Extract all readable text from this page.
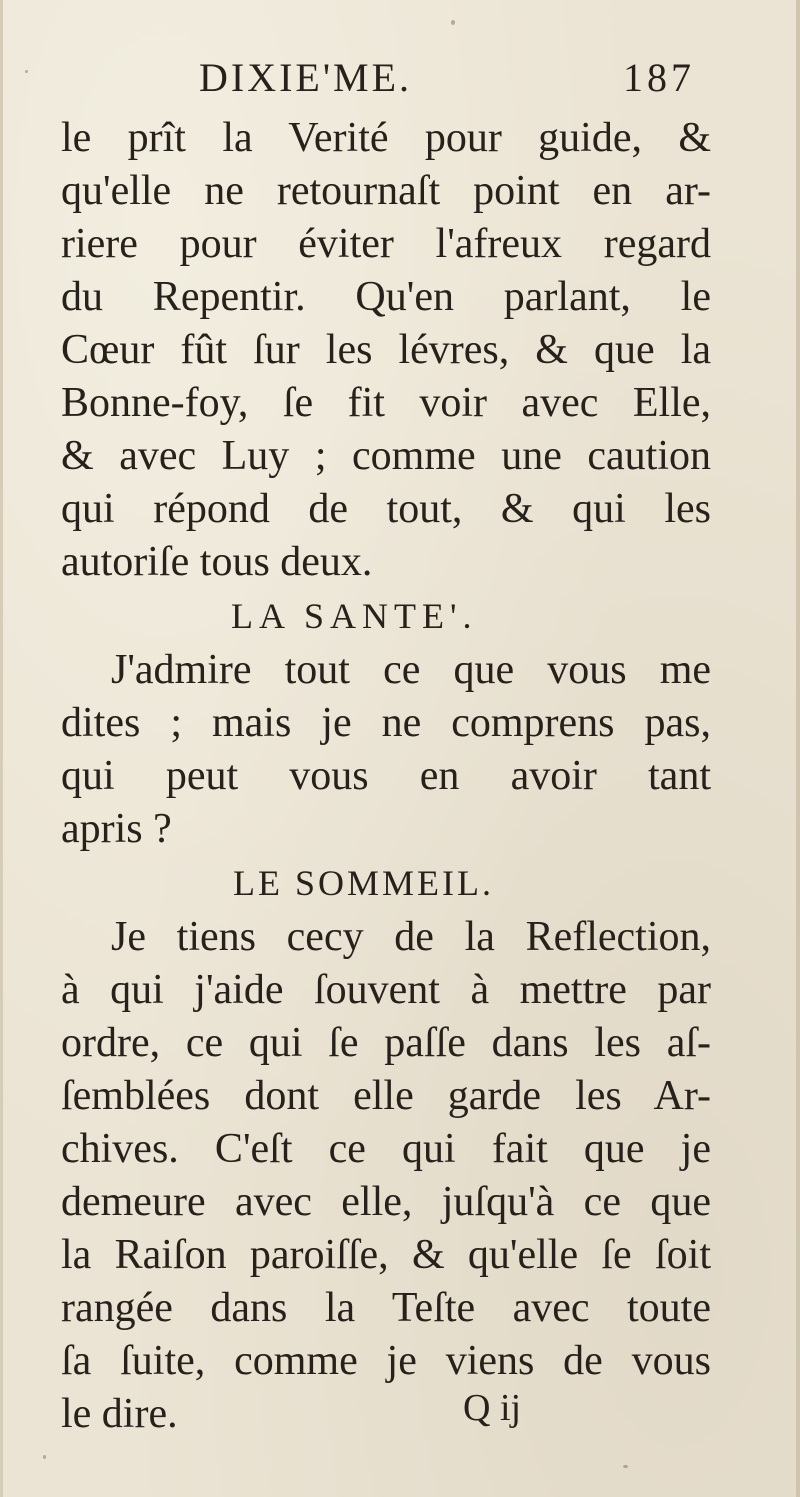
DIXIE'ME.	187
le prît la Verité pour guide, &
qu'elle ne retournaſt point en ar-
riere pour éviter l'afreux regard
du Repentir. Qu'en parlant, le
Cœur fût ſur les lévres, & que la
Bonne-foy, ſe fit voir avec Elle,
& avec Luy ; comme une caution
qui répond de tout, & qui les
autoriſe tous deux.
LA SANTE'.
J'admire tout ce que vous me
dites ; mais je ne comprens pas,
qui peut vous en avoir tant
apris ?
LE SOMMEIL.
Je tiens cecy de la Reflection,
à qui j'aide ſouvent à mettre par
ordre, ce qui ſe paſſe dans les aſ-
ſemblées dont elle garde les Ar-
chives. C'eſt ce qui fait que je
demeure avec elle, juſqu'à ce que
la Raiſon paroiſſe, & qu'elle ſe ſoit
rangée dans la Teſte avec toute
ſa ſuite, comme je viens de vous
le dire.	Q ij
